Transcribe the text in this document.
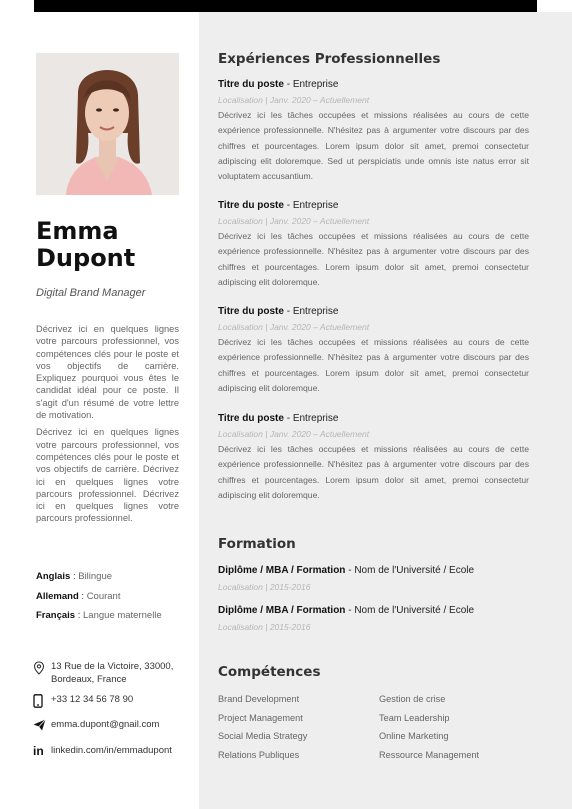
Emma
Dupont
Digital Brand Manager

Décrivez ici en quelques lignes votre parcours professionnel, vos compétences clés pour le poste et vos objectifs de carrière. Expliquez pourquoi vous êtes le candidat idéal pour ce poste. Il s'agit d'un résumé de votre lettre de motivation.

Décrivez ici en quelques lignes votre parcours professionnel, vos compétences clés pour le poste et vos objectifs de carrière. Décrivez ici en quelques lignes votre parcours professionnel. Décrivez ici en quelques lignes votre parcours professionnel.

Anglais : Bilingue
Allemand : Courant
Français : Langue maternelle
13 Rue de la Victoire, 33000,
Bordeaux, France
+33 12 34 56 78 90
emma.dupont@gnail.com
in linkedin.com/in/emmadupont
Expériences Professionnelles
Titre du poste - Entreprise
Localisation | Janv. 2020 – Actuellement
Décrivez ici les tâches occupées et missions réalisées au cours de cette expérience professionnelle. N'hésitez pas à argumenter votre discours par des chiffres et pourcentages. Lorem ipsum dolor sit amet, premoi consectetur adipiscing elit doloremque. Sed ut perspiciatis unde omnis iste natus error sit voluptatem accusantium.
Titre du poste - Entreprise
Localisation | Janv. 2020 – Actuellement
Décrivez ici les tâches occupées et missions réalisées au cours de cette expérience professionnelle. N'hésitez pas à argumenter votre discours par des chiffres et pourcentages. Lorem ipsum dolor sit amet, premoi consectetur adipiscing elit doloremque.
Titre du poste - Entreprise
Localisation | Janv. 2020 – Actuellement
Décrivez ici les tâches occupées et missions réalisées au cours de cette expérience professionnelle. N'hésitez pas à argumenter votre discours par des chiffres et pourcentages. Lorem ipsum dolor sit amet, premoi consectetur adipiscing elit doloremque.
Titre du poste - Entreprise
Localisation | Janv. 2020 – Actuellement
Décrivez ici les tâches occupées et missions réalisées au cours de cette expérience professionnelle. N'hésitez pas à argumenter votre discours par des chiffres et pourcentages. Lorem ipsum dolor sit amet, premoi consectetur adipiscing elit doloremque.
Formation
Diplôme / MBA / Formation - Nom de l'Université / Ecole
Localisation | 2015-2016
Diplôme / MBA / Formation - Nom de l'Université / Ecole
Localisation | 2015-2016
Compétences
Brand Development	Gestion de crise
Project Management	Team Leadership
Social Media Strategy	Online Marketing
Relations Publiques	Ressource Management
